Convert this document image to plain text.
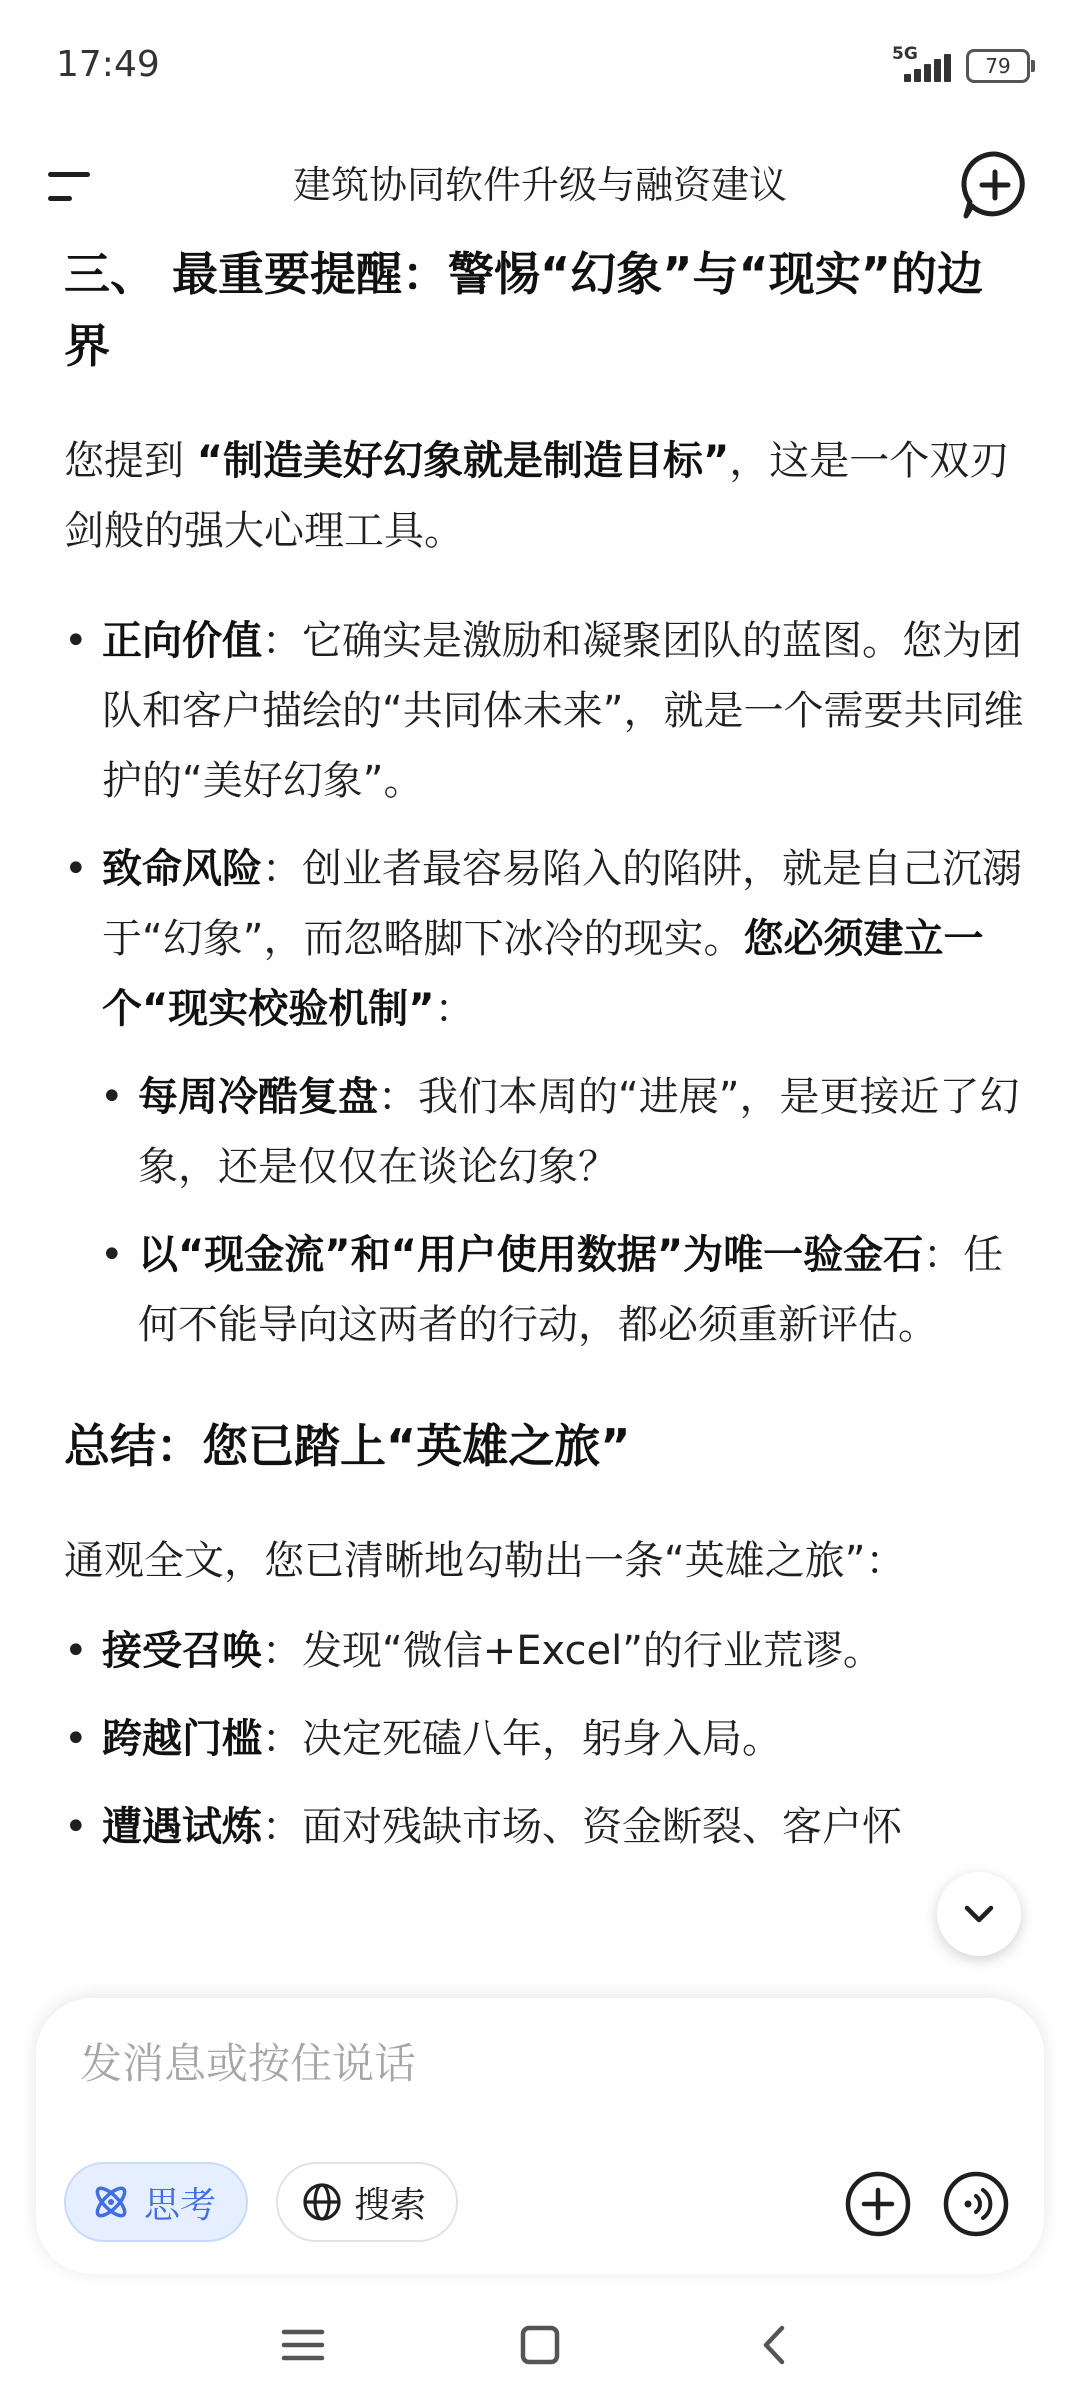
17:49	5G	79
建筑协同软件升级与融资建议
三、 最重要提醒：警惕“幻象”与“现实”的边界

您提到 “制造美好幻象就是制造目标”，这是一个双刃剑般的强大心理工具。

• 正向价值：它确实是激励和凝聚团队的蓝图。您为团队和客户描绘的“共同体未来”，就是一个需要共同维护的“美好幻象”。
• 致命风险：创业者最容易陷入的陷阱，就是自己沉溺于“幻象”，而忽略脚下冰冷的现实。您必须建立一个“现实校验机制”：
• 每周冷酷复盘：我们本周的“进展”，是更接近了幻象，还是仅仅在谈论幻象？
• 以“现金流”和“用户使用数据”为唯一验金石：任何不能导向这两者的行动，都必须重新评估。
总结：您已踏上“英雄之旅”

通观全文，您已清晰地勾勒出一条“英雄之旅”：

• 接受召唤：发现“微信+Excel”的行业荒谬。
• 跨越门槛：决定死磕八年，躬身入局。
• 遭遇试炼：面对残缺市场、资金断裂、客户怀
发消息或按住说话
思考	搜索
